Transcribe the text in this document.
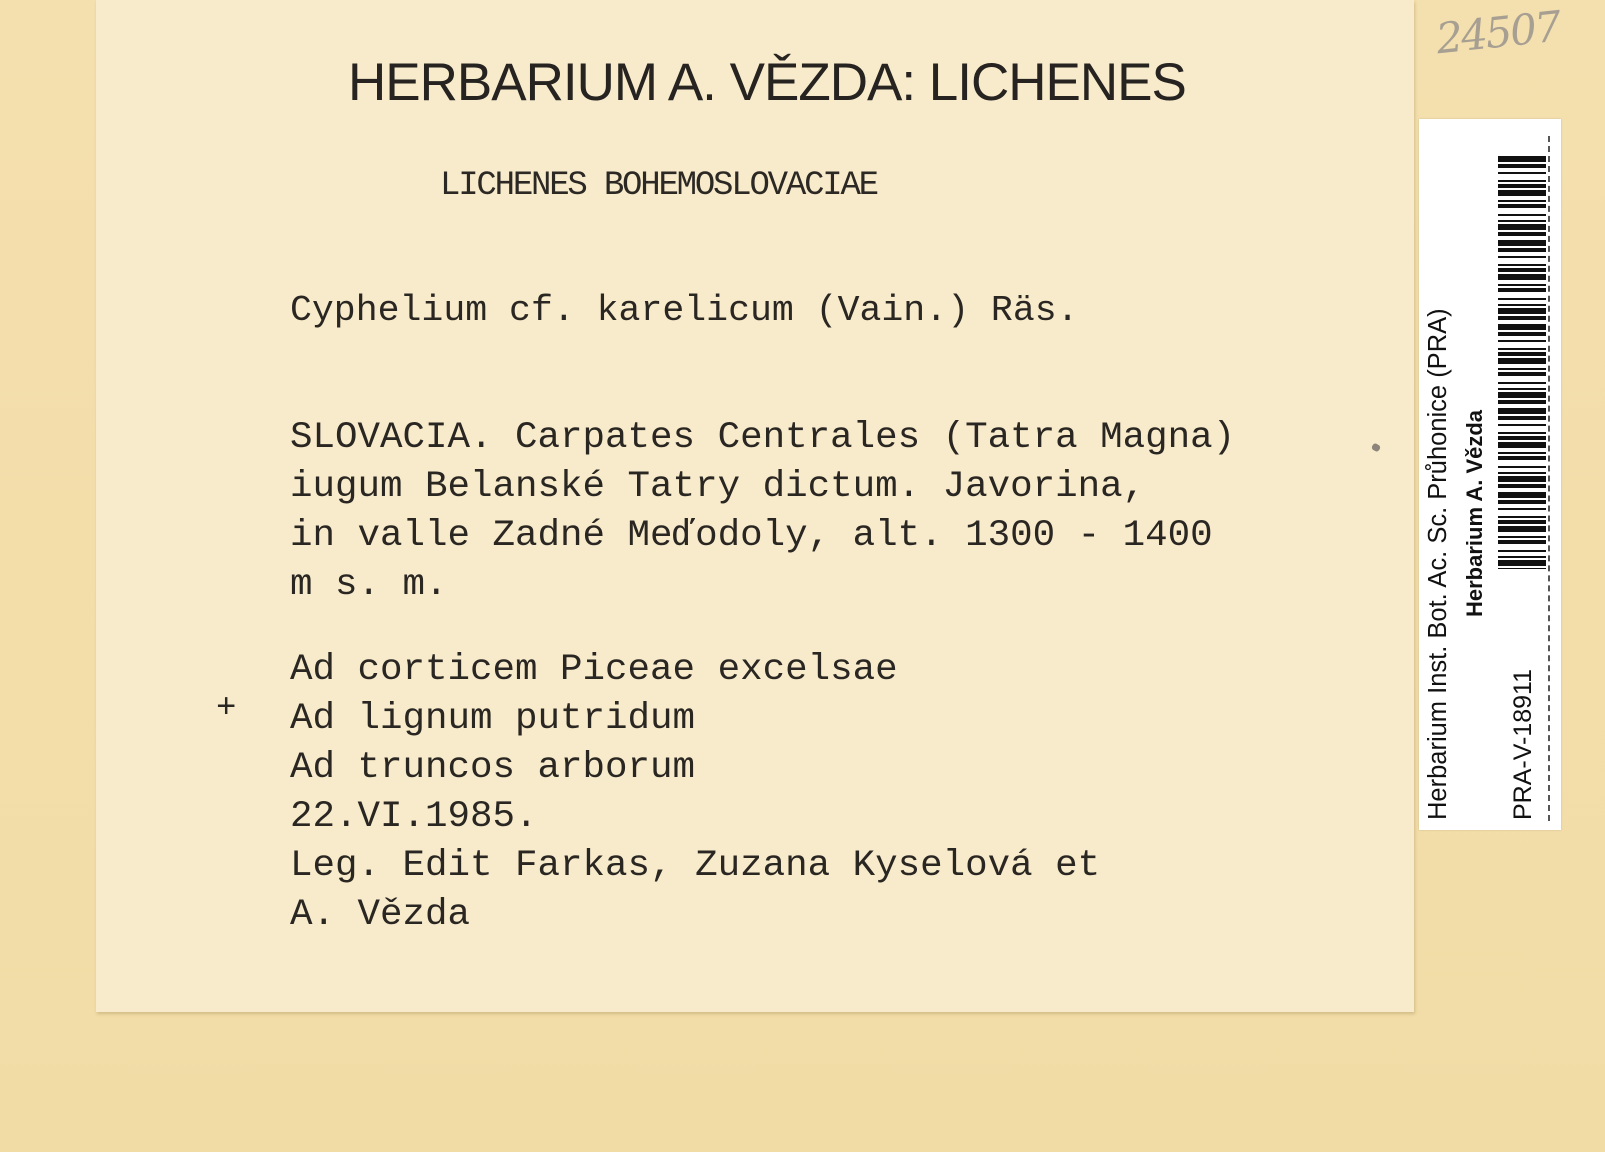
HERBARIUM A. VĚZDA: LICHENES
LICHENES BOHEMOSLOVACIAE
Cyphelium cf. karelicum (Vain.) Räs.
SLOVACIA. Carpates Centrales (Tatra Magna)
iugum Belanské Tatry dictum. Javorina,
in valle Zadné Meďodoly, alt. 1300 - 1400
m s. m.
+
Ad corticem Piceae excelsae
Ad lignum putridum
Ad truncos arborum
22.VI.1985.
Leg. Edit Farkas, Zuzana Kyselová et
A. Vězda
24507
Herbarium Inst. Bot. Ac. Sc. Průhonice (PRA) Herbarium A. Vězda
PRA-V-18911
